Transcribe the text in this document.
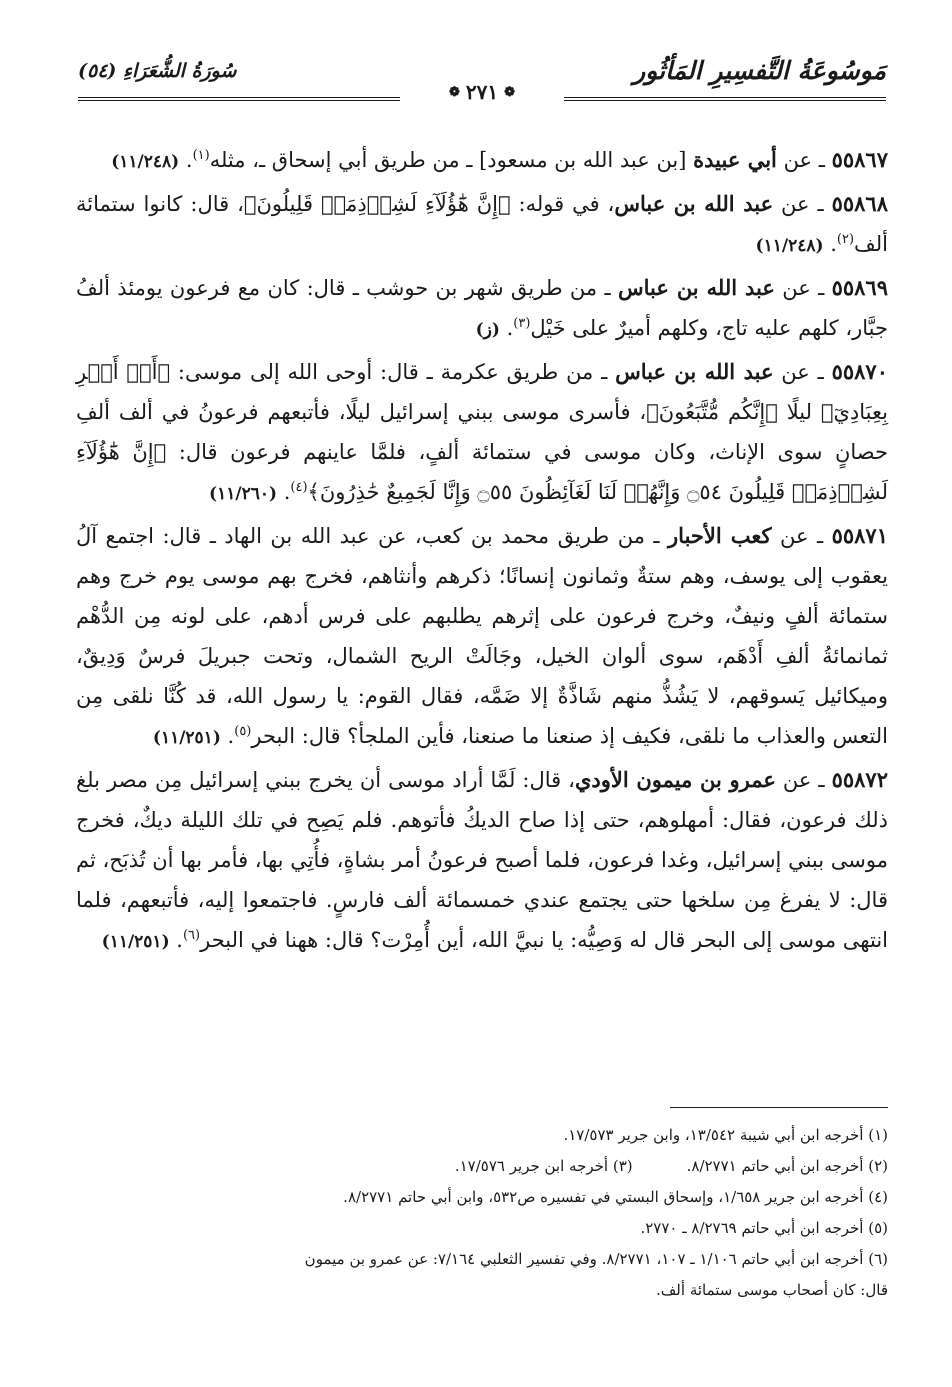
مَوسُوعَةُ التَّفسِيرِ المَأثُور
سُورَةُ الشُّعَرَاءِ (٥٤)
❁
٢٧١
❁

٥٥٨٦٧ ـ عن أبي عبيدة [بن عبد الله بن مسعود] ـ من طريق أبي إسحاق ـ، مثله$^{(١)}$. (١١/٢٤٨)

٥٥٨٦٨ ـ عن عبد الله بن عباس، في قوله: ﴿إِنَّ هَٰٓؤُلَآءِ لَشِرۡذِمَةٞ قَلِيلُونَ﴾، قال: كانوا ستمائة ألف$^{(٢)}$. (١١/٢٤٨)

٥٥٨٦٩ ـ عن عبد الله بن عباس ـ من طريق شهر بن حوشب ـ قال: كان مع فرعون يومئذ ألفُ جبَّار، كلهم عليه تاج، وكلهم أميرٌ على خَيْل$^{(٣)}$. (ز)

٥٥٨٧٠ ـ عن عبد الله بن عباس ـ من طريق عكرمة ـ قال: أوحى الله إلى موسى: ﴿أَنۡ أَسۡرِ بِعِبَادِيٓ﴾ ليلًا ﴿إِنَّكُم مُّتَّبَعُونَ﴾، فأسرى موسى ببني إسرائيل ليلًا، فأتبعهم فرعونُ في ألف ألفِ حصانٍ سوى الإناث، وكان موسى في ستمائة ألفٍ، فلمَّا عاينهم فرعون قال: ﴿إِنَّ هَٰٓؤُلَآءِ لَشِرۡذِمَةٞ قَلِيلُونَ ۝٥٤ وَإِنَّهُمۡ لَنَا لَغَآئِظُونَ ۝٥٥ وَإِنَّا لَجَمِيعٌ حَٰذِرُونَ﴾$^{(٤)}$. (١١/٢٦٠)

٥٥٨٧١ ـ عن كعب الأحبار ـ من طريق محمد بن كعب، عن عبد الله بن الهاد ـ قال: اجتمع آلُ يعقوب إلى يوسف، وهم ستةٌ وثمانون إنسانًا؛ ذكرهم وأنثاهم، فخرج بهم موسى يوم خرج وهم ستمائة ألفٍ ونيفٌ، وخرج فرعون على إثرهم يطلبهم على فرس أدهم، على لونه مِن الدُّهْم ثمانمائةُ ألفِ أَدْهَم، سوى ألوان الخيل، وجَالَتْ الريح الشمال، وتحت جبريلَ فرسٌ وَدِيقٌ، وميكائيل يَسوقهم، لا يَشُذُّ منهم شَاذَّةٌ إلا ضَمَّه، فقال القوم: يا رسول الله، قد كُنَّا نلقى مِن التعس والعذاب ما نلقى، فكيف إذ صنعنا ما صنعنا، فأين الملجأ؟ قال: البحر$^{(٥)}$. (١١/٢٥١)

٥٥٨٧٢ ـ عن عمرو بن ميمون الأودي، قال: لَمَّا أراد موسى أن يخرج ببني إسرائيل مِن مصر بلغ ذلك فرعون، فقال: أمهلوهم، حتى إذا صاح الديكُ فأتوهم. فلم يَصِح في تلك الليلة ديكٌ، فخرج موسى ببني إسرائيل، وغدا فرعون، فلما أصبح فرعونُ أمر بشاةٍ، فأُتِي بها، فأمر بها أن تُذبَح، ثم قال: لا يفرغ مِن سلخها حتى يجتمع عندي خمسمائة ألف فارسٍ. فاجتمعوا إليه، فأتبعهم، فلما انتهى موسى إلى البحر قال له وَصِيُّه: يا نبيَّ الله، أين أُمِرْت؟ قال: ههنا في البحر$^{(٦)}$. (١١/٢٥١)

(١) أخرجه ابن أبي شيبة ١٣/٥٤٢، وابن جرير ١٧/٥٧٣.

(٢) أخرجه ابن أبي حاتم ٨/٢٧٧١.

(٣) أخرجه ابن جرير ١٧/٥٧٦.

(٤) أخرجه ابن جرير ١/٦٥٨، وإسحاق البستي في تفسيره ص٥٣٢، وابن أبي حاتم ٨/٢٧٧١.

(٥) أخرجه ابن أبي حاتم ٨/٢٧٦٩ ـ ٢٧٧٠.

(٦) أخرجه ابن أبي حاتم ١/١٠٦ ـ ١٠٧، ٨/٢٧٧١. وفي تفسير الثعلبي ٧/١٦٤: عن عمرو بن ميمون

قال: كان أصحاب موسى ستمائة ألف.
